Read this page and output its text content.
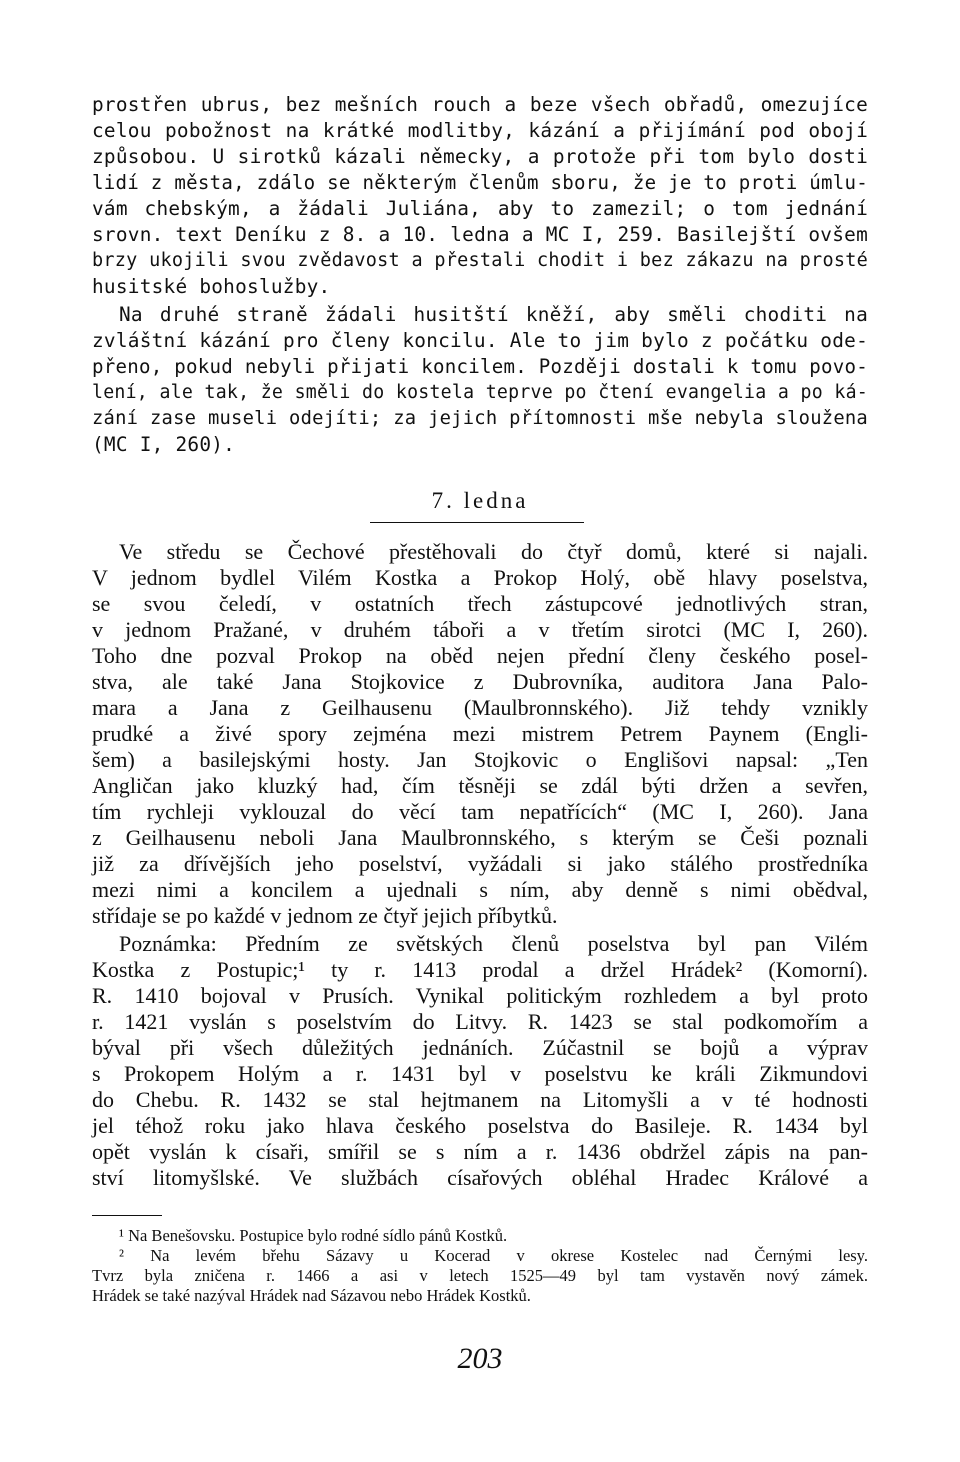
prostřen ubrus, bez mešních rouch a beze všech obřadů, omezujíce
celou pobožnost na krátké modlitby, kázání a přijímání pod obojí
způsobou. U sirotků kázali německy, a protože při tom bylo dosti
lidí z města, zdálo se některým členům sboru, že je to proti úmlu-
vám chebským, a žádali Juliána, aby to zamezil; o tom jednání
srovn. text Deníku z 8. a 10. ledna a MC I, 259. Basilejští ovšem
brzy ukojili svou zvědavost a přestali chodit i bez zákazu na prosté
husitské bohoslužby.
Na druhé straně žádali husitští kněží, aby směli choditi na
zvláštní kázání pro členy koncilu. Ale to jim bylo z počátku ode-
přeno, pokud nebyli přijati koncilem. Později dostali k tomu povo-
lení, ale tak, že směli do kostela teprve po čtení evangelia a po ká-
zání zase museli odejíti; za jejich přítomnosti mše nebyla sloužena
(MC I, 260).
7. ledna
Ve středu se Čechové přestěhovali do čtyř domů, které si najali.
V jednom bydlel Vilém Kostka a Prokop Holý, obě hlavy poselstva,
se svou čeledí, v ostatních třech zástupcové jednotlivých stran,
v jednom Pražané, v druhém táboři a v třetím sirotci (MC I, 260).
Toho dne pozval Prokop na oběd nejen přední členy českého posel-
stva, ale také Jana Stojkovice z Dubrovníka, auditora Jana Palo-
mara a Jana z Geilhausenu (Maulbronnského). Již tehdy vznikly
prudké a živé spory zejména mezi mistrem Petrem Paynem (Engli-
šem) a basilejskými hosty. Jan Stojkovic o Englišovi napsal: „Ten
Angličan jako kluzký had, čím těsněji se zdál býti držen a sevřen,
tím rychleji vyklouzal do věcí tam nepatřících“ (MC I, 260). Jana
z Geilhausenu neboli Jana Maulbronnského, s kterým se Češi poznali
již za dřívějších jeho poselství, vyžádali si jako stálého prostředníka
mezi nimi a koncilem a ujednali s ním, aby denně s nimi obědval,
střídaje se po každé v jednom ze čtyř jejich příbytků.
Poznámka: Předním ze světských členů poselstva byl pan Vilém
Kostka z Postupic;¹ ty r. 1413 prodal a držel Hrádek² (Komorní).
R. 1410 bojoval v Prusích. Vynikal politickým rozhledem a byl proto
r. 1421 vyslán s poselstvím do Litvy. R. 1423 se stal podkomořím a
býval při všech důležitých jednáních. Zúčastnil se bojů a výprav
s Prokopem Holým a r. 1431 byl v poselstvu ke králi Zikmundovi
do Chebu. R. 1432 se stal hejtmanem na Litomyšli a v té hodnosti
jel téhož roku jako hlava českého poselstva do Basileje. R. 1434 byl
opět vyslán k císaři, smířil se s ním a r. 1436 obdržel zápis na pan-
ství litomyšlské. Ve službách císařových obléhal Hradec Králové a
¹ Na Benešovsku. Postupice bylo rodné sídlo pánů Kostků.
² Na levém břehu Sázavy u Kocerad v okrese Kostelec nad Černými lesy.
Tvrz byla zničena r. 1466 a asi v letech 1525—49 byl tam vystavěn nový zámek.
Hrádek se také nazýval Hrádek nad Sázavou nebo Hrádek Kostků.
203
